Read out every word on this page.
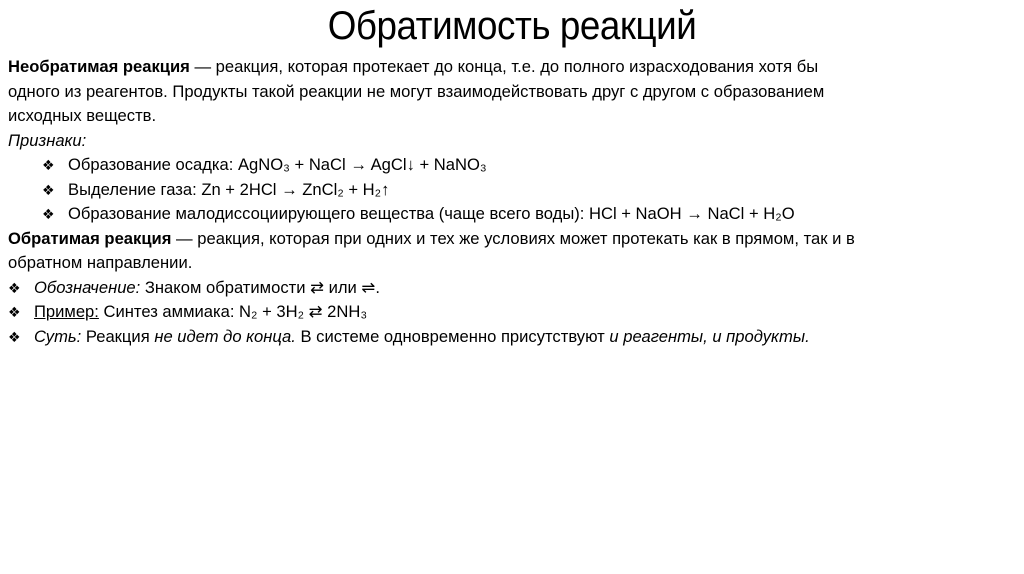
Обратимость реакций

Необратимая реакция — реакция, которая протекает до конца, т.е. до полного израсходования хотя бы

одного из реагентов. Продукты такой реакции не могут взаимодействовать друг с другом с образованием

исходных веществ.

Признаки:

❖ Образование осадка: AgNO₃ + NaCl → AgCl↓ + NaNO₃
❖ Выделение газа: Zn + 2HCl → ZnCl₂ + H₂↑
❖ Образование малодиссоциирующего вещества (чаще всего воды): HCl + NaOH → NaCl + H₂O

Обратимая реакция — реакция, которая при одних и тех же условиях может протекать как в прямом, так и в

обратном направлении.

❖ Обозначение: Знаком обратимости ⇄ или ⇌.
❖ Пример: Синтез аммиака: N₂ + 3H₂ ⇄ 2NH₃
❖ Суть: Реакция не идет до конца. В системе одновременно присутствуют и реагенты, и продукты.
